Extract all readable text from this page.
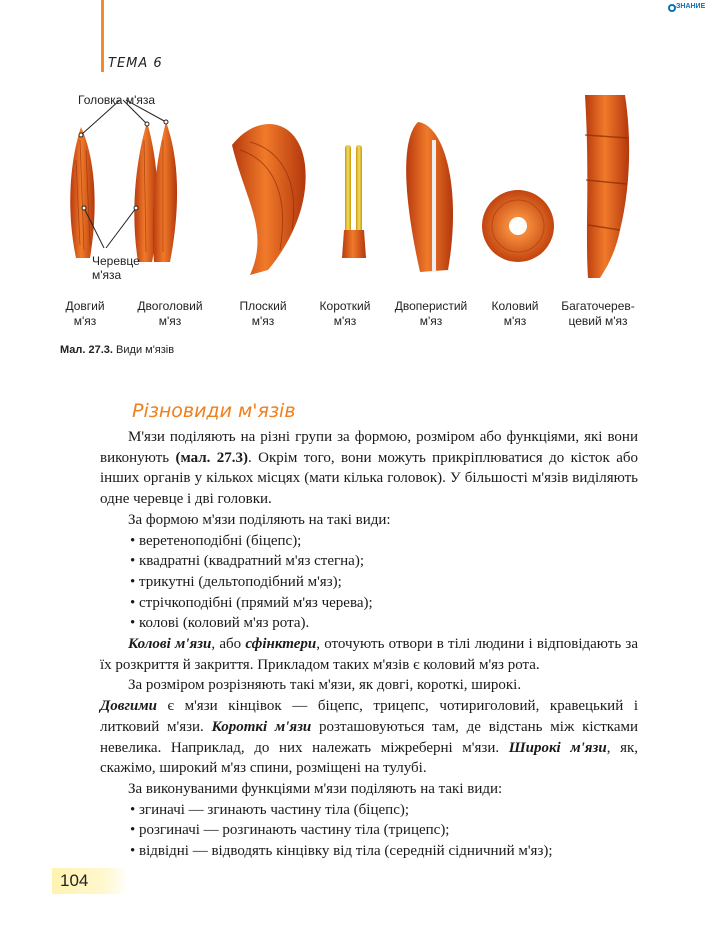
ТЕМА 6
ЗНАНИЕ
Головка м'яза
Черевце
м'яза
Довгий
м'яз
Двоголовий
м'яз
Плоский
м'яз
Короткий
м'яз
Двоперистий
м'яз
Коловий
м'яз
Багаточерев-
цевий м'яз
Мал. 27.3. Види м'язів
Різновиди м'язів

М'язи поділяють на різні групи за формою, розміром або функціями, які вони виконують (мал. 27.3). Окрім того, вони можуть прикріплюватися до кісток або інших органів у кількох місцях (мати кілька головок). У більшості м'язів виділяють одне черевце і дві головки.

За формою м'язи поділяють на такі види:

• веретеноподібні (біцепс);

• квадратні (квадратний м'яз стегна);

• трикутні (дельтоподібний м'яз);

• стрічкоподібні (прямий м'яз черева);

• колові (коловий м'яз рота).

Колові м'язи, або сфінктери, оточують отвори в тілі людини і відповідають за їх розкриття й закриття. Прикладом таких м'язів є коловий м'яз рота.

За розміром розрізняють такі м'язи, як довгі, короткі, широкі.

Довгими є м'язи кінцівок — біцепс, трицепс, чотириголовий, кравецький і литковий м'язи. Короткі м'язи розташовуються там, де відстань між кістками невелика. Наприклад, до них належать міжреберні м'язи. Широкі м'язи, як, скажімо, широкий м'яз спини, розміщені на тулубі.

За виконуваними функціями м'язи поділяють на такі види:

• згиначі — згинають частину тіла (біцепс);

• розгиначі — розгинають частину тіла (трицепс);

• відвідні — відводять кінцівку від тіла (середній сідничний м'яз);

104
